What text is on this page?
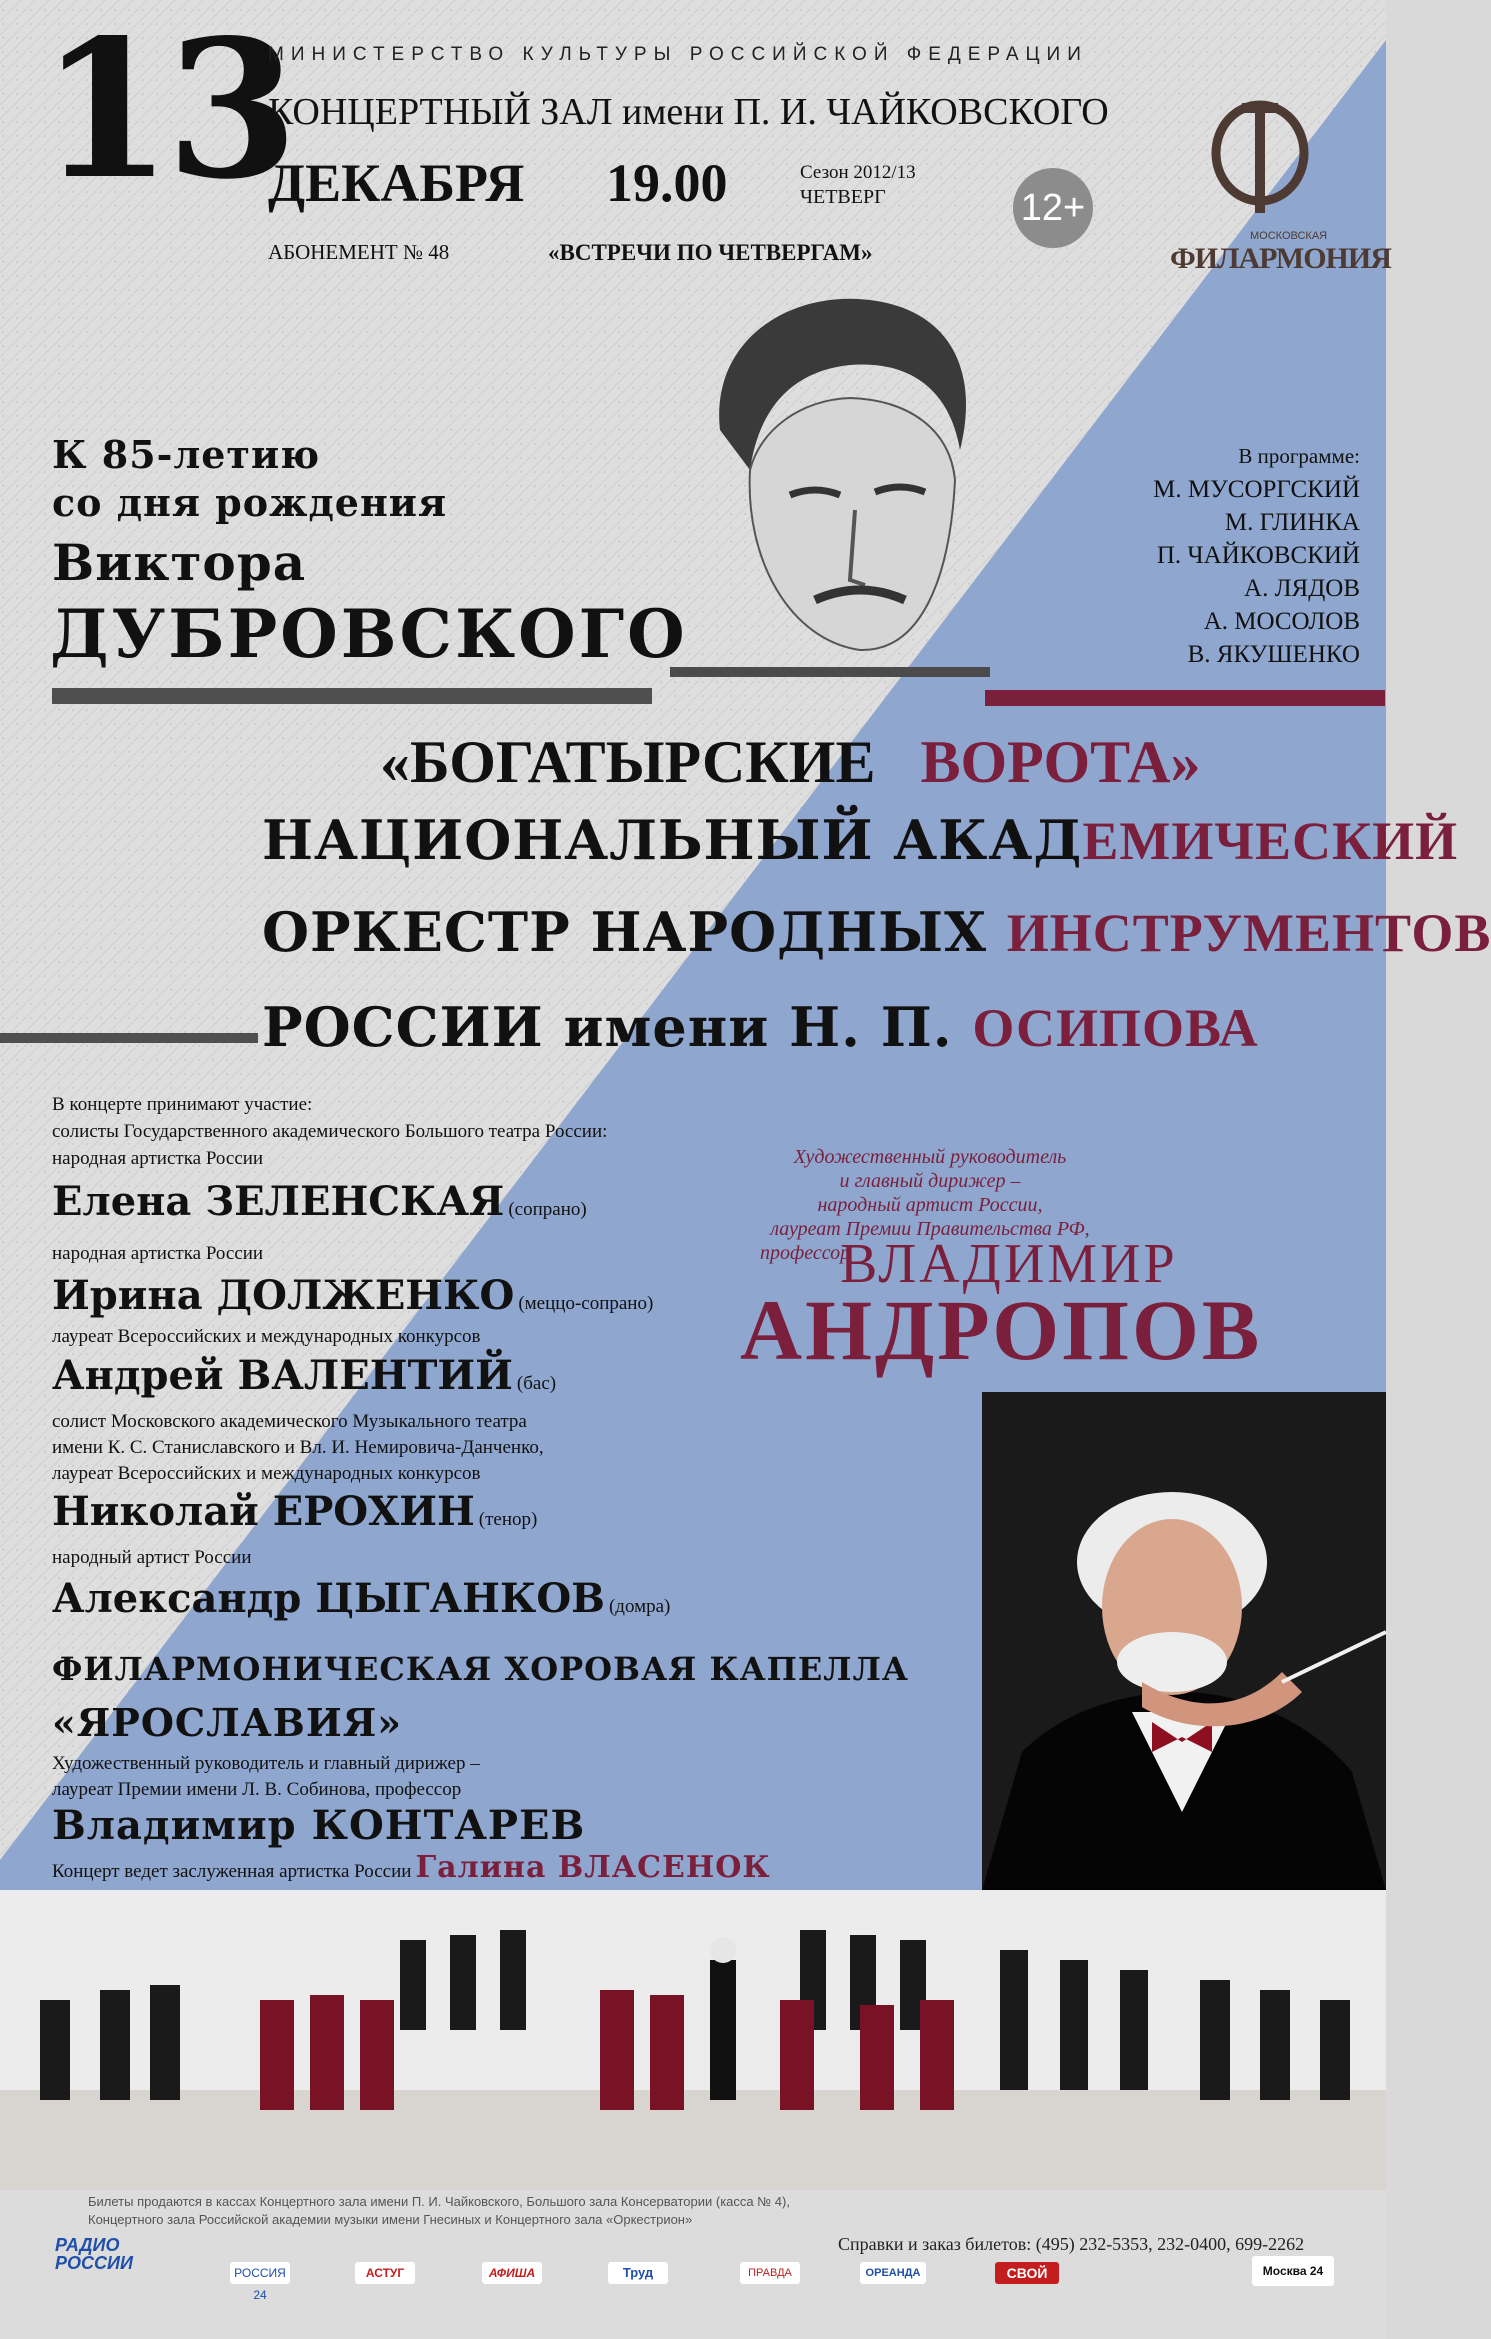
13
МИНИСТЕРСТВО КУЛЬТУРЫ РОССИЙСКОЙ ФЕДЕРАЦИИ
КОНЦЕРТНЫЙ ЗАЛ имени П. И. ЧАЙКОВСКОГО
ДЕКАБРЯ 19.00	Сезон 2012/13
ЧЕТВЕРГ	12+
АБОНЕМЕНТ № 48	«ВСТРЕЧИ ПО ЧЕТВЕРГАМ»
МОСКОВСКАЯ
ФИЛАРМОНИЯ
К 85-летию
со дня рождения
Виктора
ДУБРОВСКОГО
В программе:
М. МУСОРГСКИЙ
М. ГЛИНКА
П. ЧАЙКОВСКИЙ
А. ЛЯДОВ
А. МОСОЛОВ
В. ЯКУШЕНКО
«БОГАТЫРСКИЕ ВОРОТА»
НАЦИОНАЛЬНЫЙ АКАДЕМИЧЕСКИЙ
ОРКЕСТР НАРОДНЫХ ИНСТРУМЕНТОВ
РОССИИ имени Н. П. ОСИПОВА
В концерте принимают участие:
солисты Государственного академического Большого театра России:
народная артистка России
Елена ЗЕЛЕНСКАЯ (сопрано)
народная артистка России
Ирина ДОЛЖЕНКО (меццо-сопрано)
лауреат Всероссийских и международных конкурсов
Андрей ВАЛЕНТИЙ (бас)
солист Московского академического Музыкального театра
имени К. С. Станиславского и Вл. И. Немировича-Данченко,
лауреат Всероссийских и международных конкурсов
Николай ЕРОХИН (тенор)
народный артист России
Александр ЦЫГАНКОВ (домра)
ФИЛАРМОНИЧЕСКАЯ ХОРОВАЯ КАПЕЛЛА
«ЯРОСЛАВИЯ»
Художественный руководитель и главный дирижер –
лауреат Премии имени Л. В. Собинова, профессор
Владимир КОНТАРЕВ
Концерт ведет заслуженная артистка России Галина ВЛАСЕНОК
Художественный руководитель
и главный дирижер –
народный артист России,
лауреат Премии Правительства РФ,
профессор
ВЛАДИМИР
АНДРОПОВ
Билеты продаются в кассах Концертного зала имени П. И. Чайковского, Большого зала Консерватории (касса № 4),
Концертного зала Российской академии музыки имени Гнесиных и Концертного зала «Оркестрион»
Справки и заказ билетов: (495) 232-5353, 232-0400, 699-2262
РАДИО РОССИИ	РОССИЯ 24
АСТУГ	АФИША	Труд	ПРАВДА	ОРЕАНДА	СВОЙ	Москва 24
